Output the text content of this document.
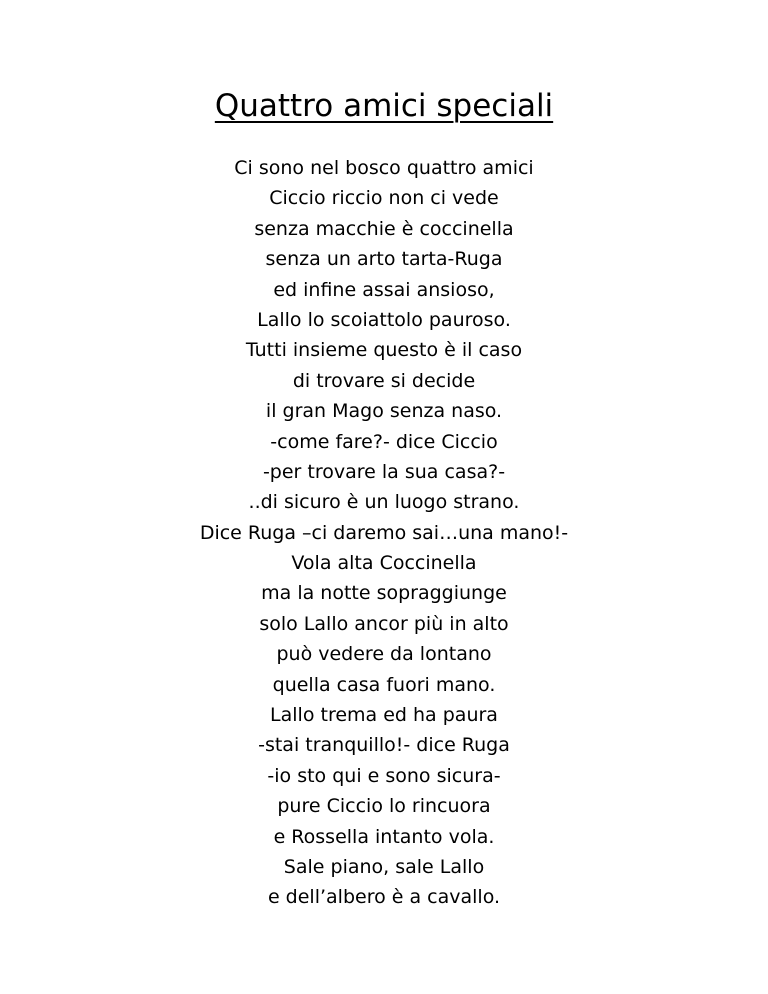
Quattro amici speciali
Ci sono nel bosco quattro amici
Ciccio riccio non ci vede
senza macchie è coccinella
senza un arto tarta-Ruga
ed infine assai ansioso,
Lallo lo scoiattolo pauroso.
Tutti insieme questo è il caso
di trovare si decide
il gran Mago senza naso.
-come fare?- dice Ciccio
-per trovare la sua casa?-
..di sicuro è un luogo strano.
Dice Ruga –ci daremo sai…una mano!-
Vola alta Coccinella
ma la notte sopraggiunge
solo Lallo ancor più in alto
può vedere da lontano
quella casa fuori mano.
Lallo trema ed ha paura
-stai tranquillo!- dice Ruga
-io sto qui e sono sicura-
pure Ciccio lo rincuora
e Rossella intanto vola.
Sale piano, sale Lallo
e dell’albero è a cavallo.
